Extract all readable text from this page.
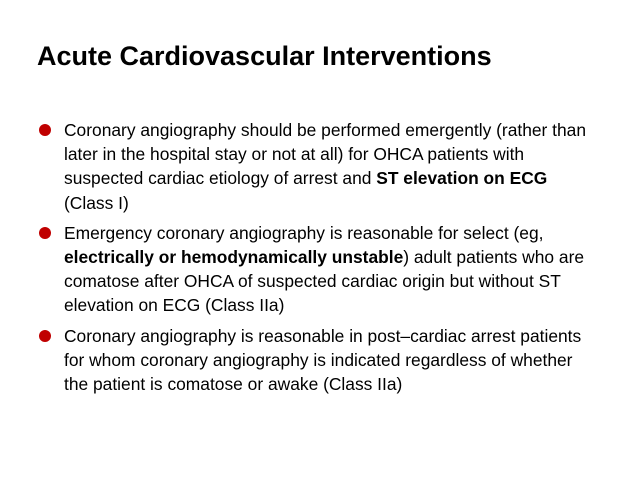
Acute Cardiovascular Interventions
Coronary angiography should be performed emergently (rather than later in the hospital stay or not at all) for OHCA patients with suspected cardiac etiology of arrest and ST elevation on ECG (Class I)
Emergency coronary angiography is reasonable for select (eg, electrically or hemodynamically unstable) adult patients who are comatose after OHCA of suspected cardiac origin but without ST elevation on ECG (Class IIa)
Coronary angiography is reasonable in post–cardiac arrest patients for whom coronary angiography is indicated regardless of whether the patient is comatose or awake (Class IIa)
